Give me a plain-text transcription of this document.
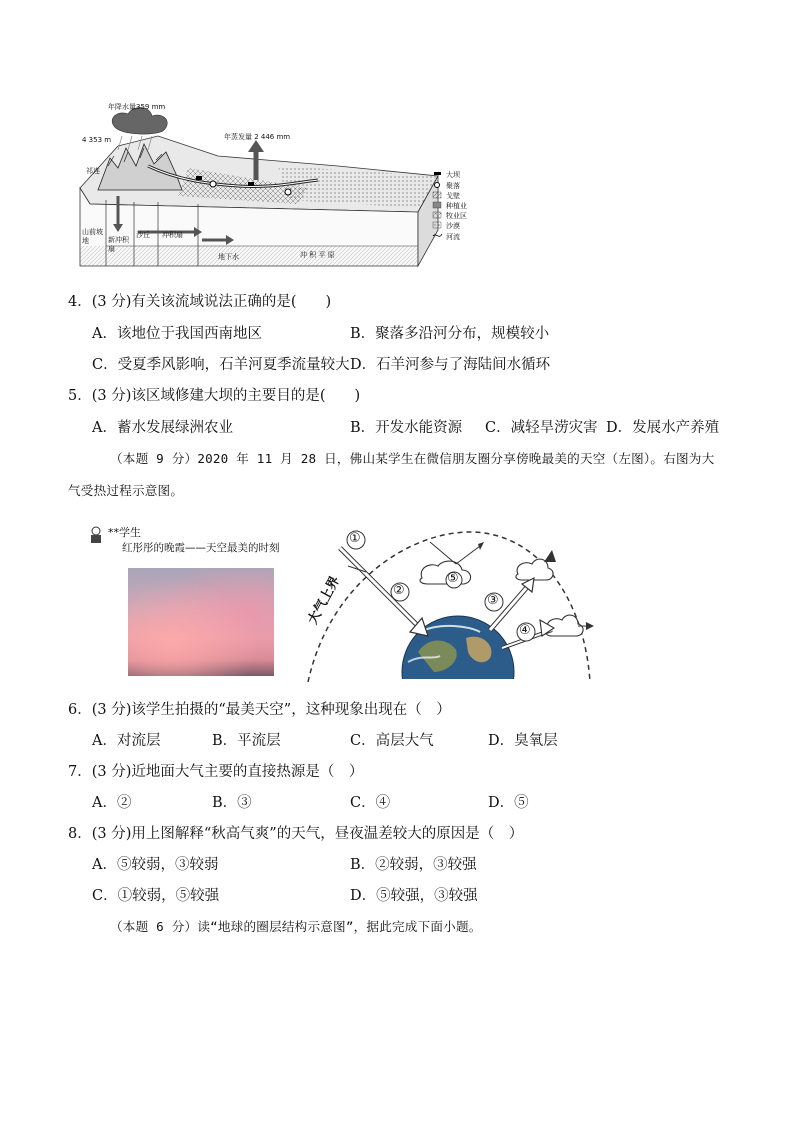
年降水量359 mm
4 353 m	年蒸发量 2 446 mm
祁连
山前坡地	新冲积扇
沙丘 冲积扇
地下水	冲 积 平 原
大坝
聚落
戈壁
种植业
牧业区
沙漠
河流
4．(3 分)有关该流域说法正确的是(　　)
A．该地位于我国西南地区	B．聚落多沿河分布，规模较小
C．受夏季风影响，石羊河夏季流量较大 D．石羊河参与了海陆间水循环
5．(3 分)该区域修建大坝的主要目的是(　　)
A．蓄水发展绿洲农业	B．开发水能资源 C．减轻旱涝灾害 D．发展水产养殖
（本题 9 分）2020 年 11 月 28 日，佛山某学生在微信朋友圈分享傍晚最美的天空（左图）。右图为大
气受热过程示意图。
**学生
红彤彤的晚霞——天空最美的时刻
①
②
⑤
③
④
大气上界
6．(3 分)该学生拍摄的“最美天空”，这种现象出现在（　）
A．对流层	B．平流层	C．高层大气	D．臭氧层
7．(3 分)近地面大气主要的直接热源是（　）
A．②	B．③	C．④	D．⑤
8．(3 分)用上图解释“秋高气爽”的天气，昼夜温差较大的原因是（　）
A．⑤较弱，③较弱	B．②较弱，③较强
C．①较弱，⑤较强	D．⑤较强，③较强
（本题 6 分）读“地球的圈层结构示意图”，据此完成下面小题。
